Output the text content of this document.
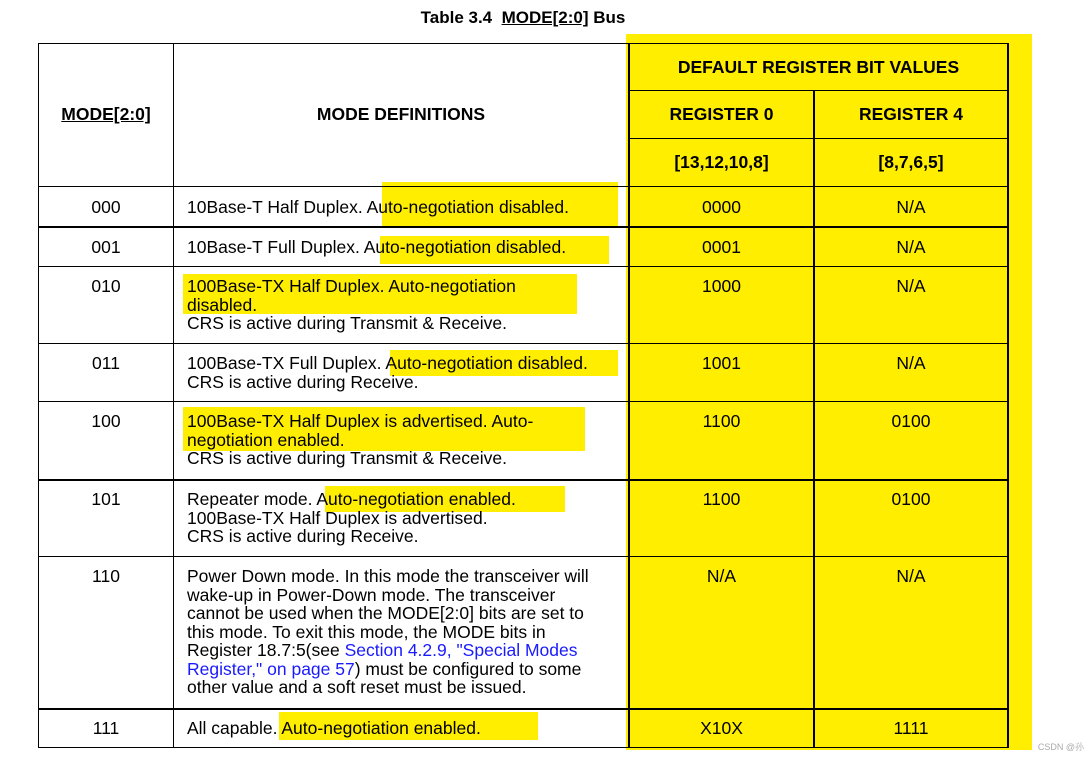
Table 3.4 MODE[2:0] Bus
MODE[2:0]	MODE DEFINITIONS
DEFAULT REGISTER BIT VALUES
REGISTER 0	REGISTER 4
[13,12,10,8]	[8,7,6,5]
000	10Base-T Half Duplex. Auto-negotiation disabled.	0000	N/A
001	10Base-T Full Duplex. Auto-negotiation disabled.	0001	N/A
010	100Base-TX Half Duplex. Auto-negotiation
disabled.
CRS is active during Transmit & Receive.
1000	N/A
011	100Base-TX Full Duplex. Auto-negotiation disabled.
CRS is active during Receive.
1001	N/A
100	100Base-TX Half Duplex is advertised. Auto-
negotiation enabled.
CRS is active during Transmit & Receive.
1100	0100
101	Repeater mode. Auto-negotiation enabled.
100Base-TX Half Duplex is advertised.
CRS is active during Receive.
1100	0100
110	Power Down mode. In this mode the transceiver will
wake-up in Power-Down mode. The transceiver
cannot be used when the MODE[2:0] bits are set to
this mode. To exit this mode, the MODE bits in
Register 18.7:5(see Section 4.2.9, "Special Modes
Register," on page 57) must be configured to some
other value and a soft reset must be issued.
N/A	N/A
111	All capable. Auto-negotiation enabled.	X10X	1111
CSDN @孙
